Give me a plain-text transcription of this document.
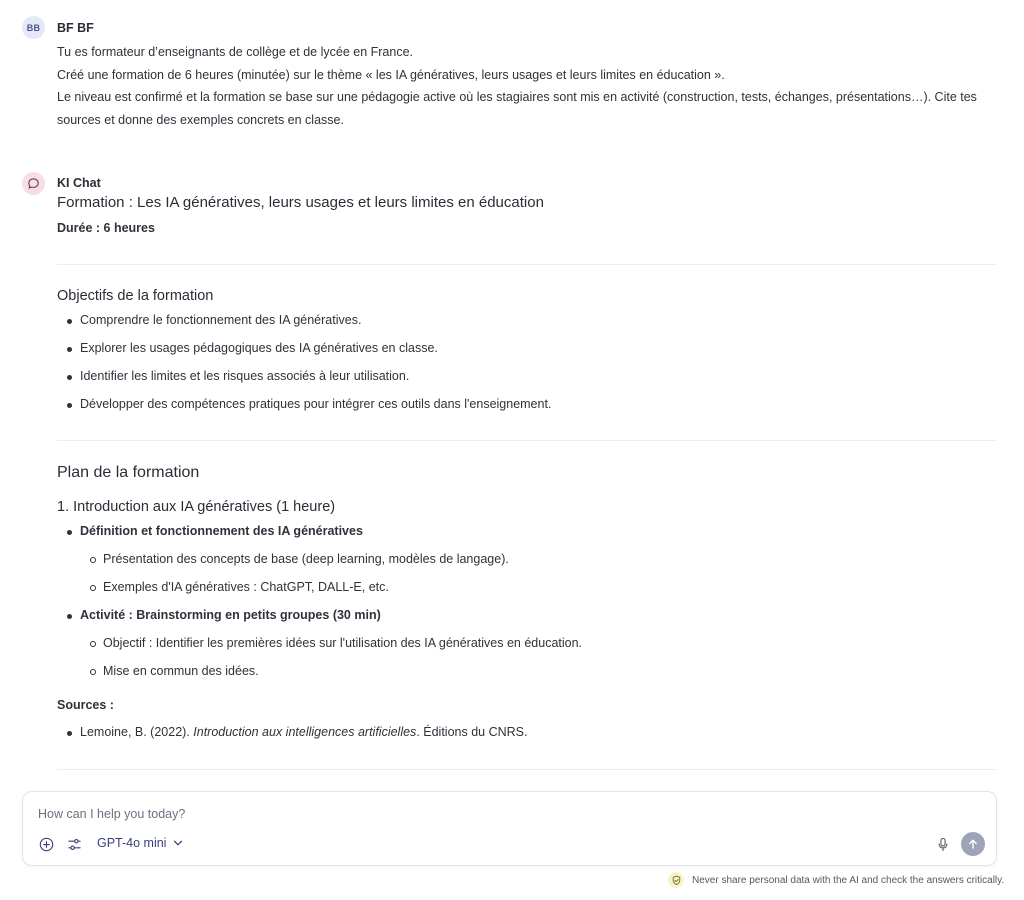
BB	BF BF
Tu es formateur d’enseignants de collège et de lycée en France.
Créé une formation de 6 heures (minutée) sur le thème « les IA génératives, leurs usages et leurs limites en éducation ».
Le niveau est confirmé et la formation se base sur une pédagogie active où les stagiaires sont mis en activité (construction, tests, échanges, présentations…). Cite tes sources et donne des exemples concrets en classe.
KI Chat
Formation : Les IA génératives, leurs usages et leurs limites en éducation
Durée : 6 heures
Objectifs de la formation
Comprendre le fonctionnement des IA génératives.
Explorer les usages pédagogiques des IA génératives en classe.
Identifier les limites et les risques associés à leur utilisation.
Développer des compétences pratiques pour intégrer ces outils dans l'enseignement.
Plan de la formation
1. Introduction aux IA génératives (1 heure)
Définition et fonctionnement des IA génératives
Présentation des concepts de base (deep learning, modèles de langage).
Exemples d'IA génératives : ChatGPT, DALL-E, etc.
Activité : Brainstorming en petits groupes (30 min)
Objectif : Identifier les premières idées sur l'utilisation des IA génératives en éducation.
Mise en commun des idées.
Sources :
Lemoine, B. (2022). Introduction aux intelligences artificielles. Éditions du CNRS.
How can I help you today?
GPT-4o mini
Never share personal data with the AI and check the answers critically.
